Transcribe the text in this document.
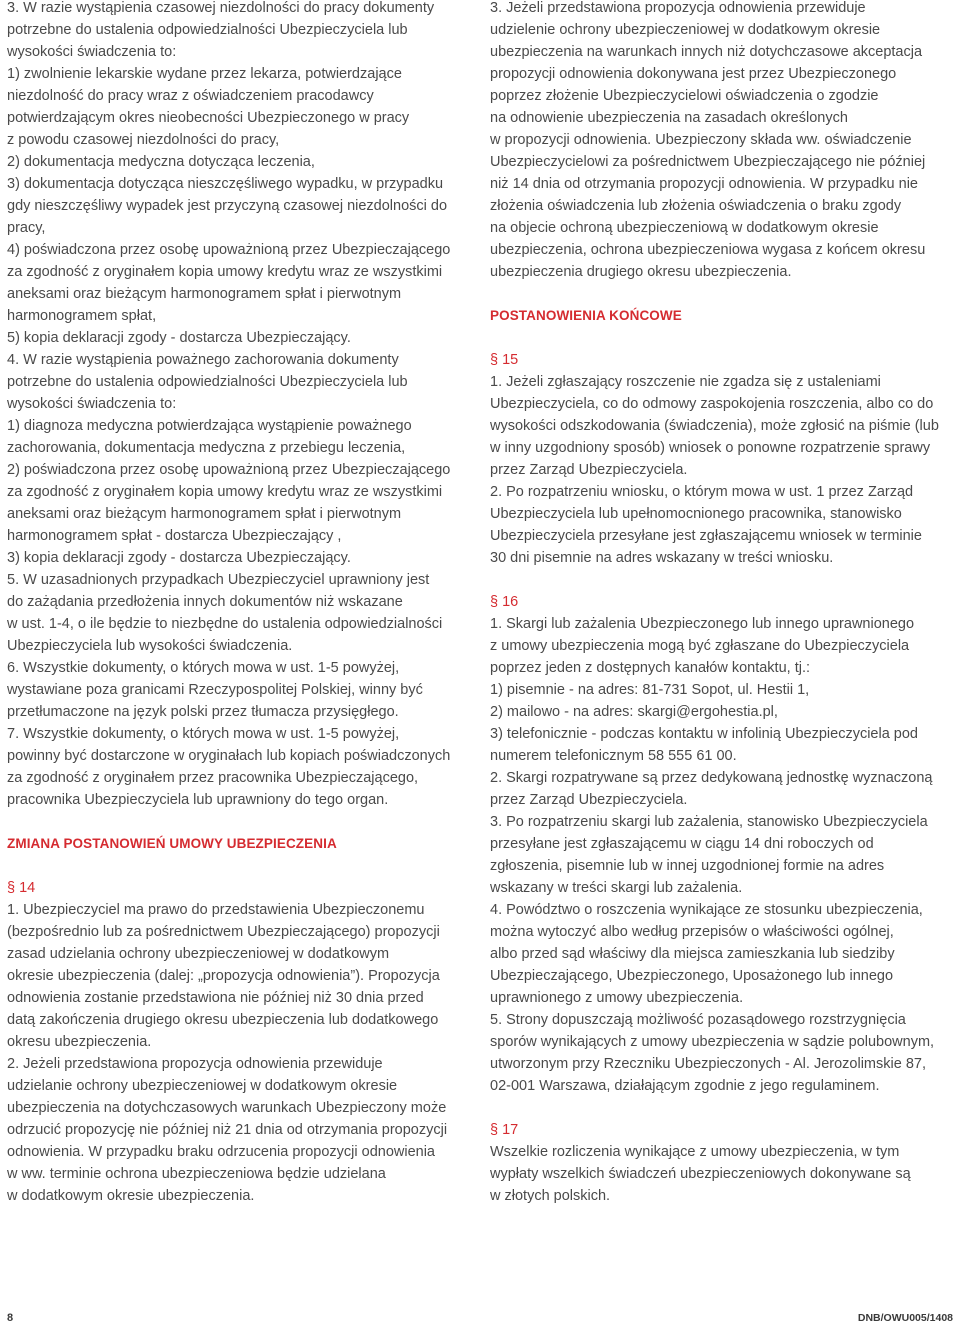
3. W razie wystąpienia czasowej niezdolności do pracy dokumenty
potrzebne do ustalenia odpowiedzialności Ubezpieczyciela lub
wysokości świadczenia to:
1) zwolnienie lekarskie wydane przez lekarza, potwierdzające
niezdolność do pracy wraz z oświadczeniem pracodawcy
potwierdzającym okres nieobecności Ubezpieczonego w pracy
z powodu czasowej niezdolności do pracy,
2) dokumentacja medyczna dotycząca leczenia,
3) dokumentacja dotycząca nieszczęśliwego wypadku, w przypadku
gdy nieszczęśliwy wypadek jest przyczyną czasowej niezdolności do
pracy,
4) poświadczona przez osobę upoważnioną przez Ubezpieczającego
za zgodność z oryginałem kopia umowy kredytu wraz ze wszystkimi
aneksami oraz bieżącym harmonogramem spłat i pierwotnym
harmonogramem spłat,
5) kopia deklaracji zgody - dostarcza Ubezpieczający.
4. W razie wystąpienia poważnego zachorowania dokumenty
potrzebne do ustalenia odpowiedzialności Ubezpieczyciela lub
wysokości świadczenia to:
1) diagnoza medyczna potwierdzająca wystąpienie poważnego
zachorowania, dokumentacja medyczna z przebiegu leczenia,
2) poświadczona przez osobę upoważnioną przez Ubezpieczającego
za zgodność z oryginałem kopia umowy kredytu wraz ze wszystkimi
aneksami oraz bieżącym harmonogramem spłat i pierwotnym
harmonogramem spłat - dostarcza Ubezpieczający ,
3) kopia deklaracji zgody - dostarcza Ubezpieczający.
5. W uzasadnionych przypadkach Ubezpieczyciel uprawniony jest
do zażądania przedłożenia innych dokumentów niż wskazane
w ust. 1-4, o ile będzie to niezbędne do ustalenia odpowiedzialności
Ubezpieczyciela lub wysokości świadczenia.
6. Wszystkie dokumenty, o których mowa w ust. 1-5 powyżej,
wystawiane poza granicami Rzeczypospolitej Polskiej, winny być
przetłumaczone na język polski przez tłumacza przysięgłego.
7. Wszystkie dokumenty, o których mowa w ust. 1-5 powyżej,
powinny być dostarczone w oryginałach lub kopiach poświadczonych
za zgodność z oryginałem przez pracownika Ubezpieczającego,
pracownika Ubezpieczyciela lub uprawniony do tego organ.
ZMIANA POSTANOWIEŃ UMOWY UBEZPIECZENIA
§ 14
1. Ubezpieczyciel ma prawo do przedstawienia Ubezpieczonemu
(bezpośrednio lub za pośrednictwem Ubezpieczającego) propozycji
zasad udzielania ochrony ubezpieczeniowej w dodatkowym
okresie ubezpieczenia (dalej: „propozycja odnowienia”). Propozycja
odnowienia zostanie przedstawiona nie później niż 30 dnia przed
datą zakończenia drugiego okresu ubezpieczenia lub dodatkowego
okresu ubezpieczenia.
2. Jeżeli przedstawiona propozycja odnowienia przewiduje
udzielanie ochrony ubezpieczeniowej w dodatkowym okresie
ubezpieczenia na dotychczasowych warunkach Ubezpieczony może
odrzucić propozycję nie później niż 21 dnia od otrzymania propozycji
odnowienia. W przypadku braku odrzucenia propozycji odnowienia
w ww. terminie ochrona ubezpieczeniowa będzie udzielana
w dodatkowym okresie ubezpieczenia.
3. Jeżeli przedstawiona propozycja odnowienia przewiduje
udzielenie ochrony ubezpieczeniowej w dodatkowym okresie
ubezpieczenia na warunkach innych niż dotychczasowe akceptacja
propozycji odnowienia dokonywana jest przez Ubezpieczonego
poprzez złożenie Ubezpieczycielowi oświadczenia o zgodzie
na odnowienie ubezpieczenia na zasadach określonych
w propozycji odnowienia. Ubezpieczony składa ww. oświadczenie
Ubezpieczycielowi za pośrednictwem Ubezpieczającego nie później
niż 14 dnia od otrzymania propozycji odnowienia. W przypadku nie
złożenia oświadczenia lub złożenia oświadczenia o braku zgody
na objecie ochroną ubezpieczeniową w dodatkowym okresie
ubezpieczenia, ochrona ubezpieczeniowa wygasa z końcem okresu
ubezpieczenia drugiego okresu ubezpieczenia.
POSTANOWIENIA KOŃCOWE
§ 15
1. Jeżeli zgłaszający roszczenie nie zgadza się z ustaleniami
Ubezpieczyciela, co do odmowy zaspokojenia roszczenia, albo co do
wysokości odszkodowania (świadczenia), może zgłosić na piśmie (lub
w inny uzgodniony sposób) wniosek o ponowne rozpatrzenie sprawy
przez Zarząd Ubezpieczyciela.
2. Po rozpatrzeniu wniosku, o którym mowa w ust. 1 przez Zarząd
Ubezpieczyciela lub upełnomocnionego pracownika, stanowisko
Ubezpieczyciela przesyłane jest zgłaszającemu wniosek w terminie
30 dni pisemnie na adres wskazany w treści wniosku.
§ 16
1. Skargi lub zażalenia Ubezpieczonego lub innego uprawnionego
z umowy ubezpieczenia mogą być zgłaszane do Ubezpieczyciela
poprzez jeden z dostępnych kanałów kontaktu, tj.:
1) pisemnie - na adres: 81-731 Sopot, ul. Hestii 1,
2) mailowo - na adres: skargi@ergohestia.pl,
3) telefonicznie - podczas kontaktu w infolinią Ubezpieczyciela pod
numerem telefonicznym 58 555 61 00.
2. Skargi rozpatrywane są przez dedykowaną jednostkę wyznaczoną
przez Zarząd Ubezpieczyciela.
3. Po rozpatrzeniu skargi lub zażalenia, stanowisko Ubezpieczyciela
przesyłane jest zgłaszającemu w ciągu 14 dni roboczych od
zgłoszenia, pisemnie lub w innej uzgodnionej formie na adres
wskazany w treści skargi lub zażalenia.
4. Powództwo o roszczenia wynikające ze stosunku ubezpieczenia,
można wytoczyć albo według przepisów o właściwości ogólnej,
albo przed sąd właściwy dla miejsca zamieszkania lub siedziby
Ubezpieczającego, Ubezpieczonego, Uposażonego lub innego
uprawnionego z umowy ubezpieczenia.
5. Strony dopuszczają możliwość pozasądowego rozstrzygnięcia
sporów wynikających z umowy ubezpieczenia w sądzie polubownym,
utworzonym przy Rzeczniku Ubezpieczonych - Al. Jerozolimskie 87,
02-001 Warszawa, działającym zgodnie z jego regulaminem.
§ 17
Wszelkie rozliczenia wynikające z umowy ubezpieczenia, w tym
wypłaty wszelkich świadczeń ubezpieczeniowych dokonywane są
w złotych polskich.
8	DNB/OWU005/1408
